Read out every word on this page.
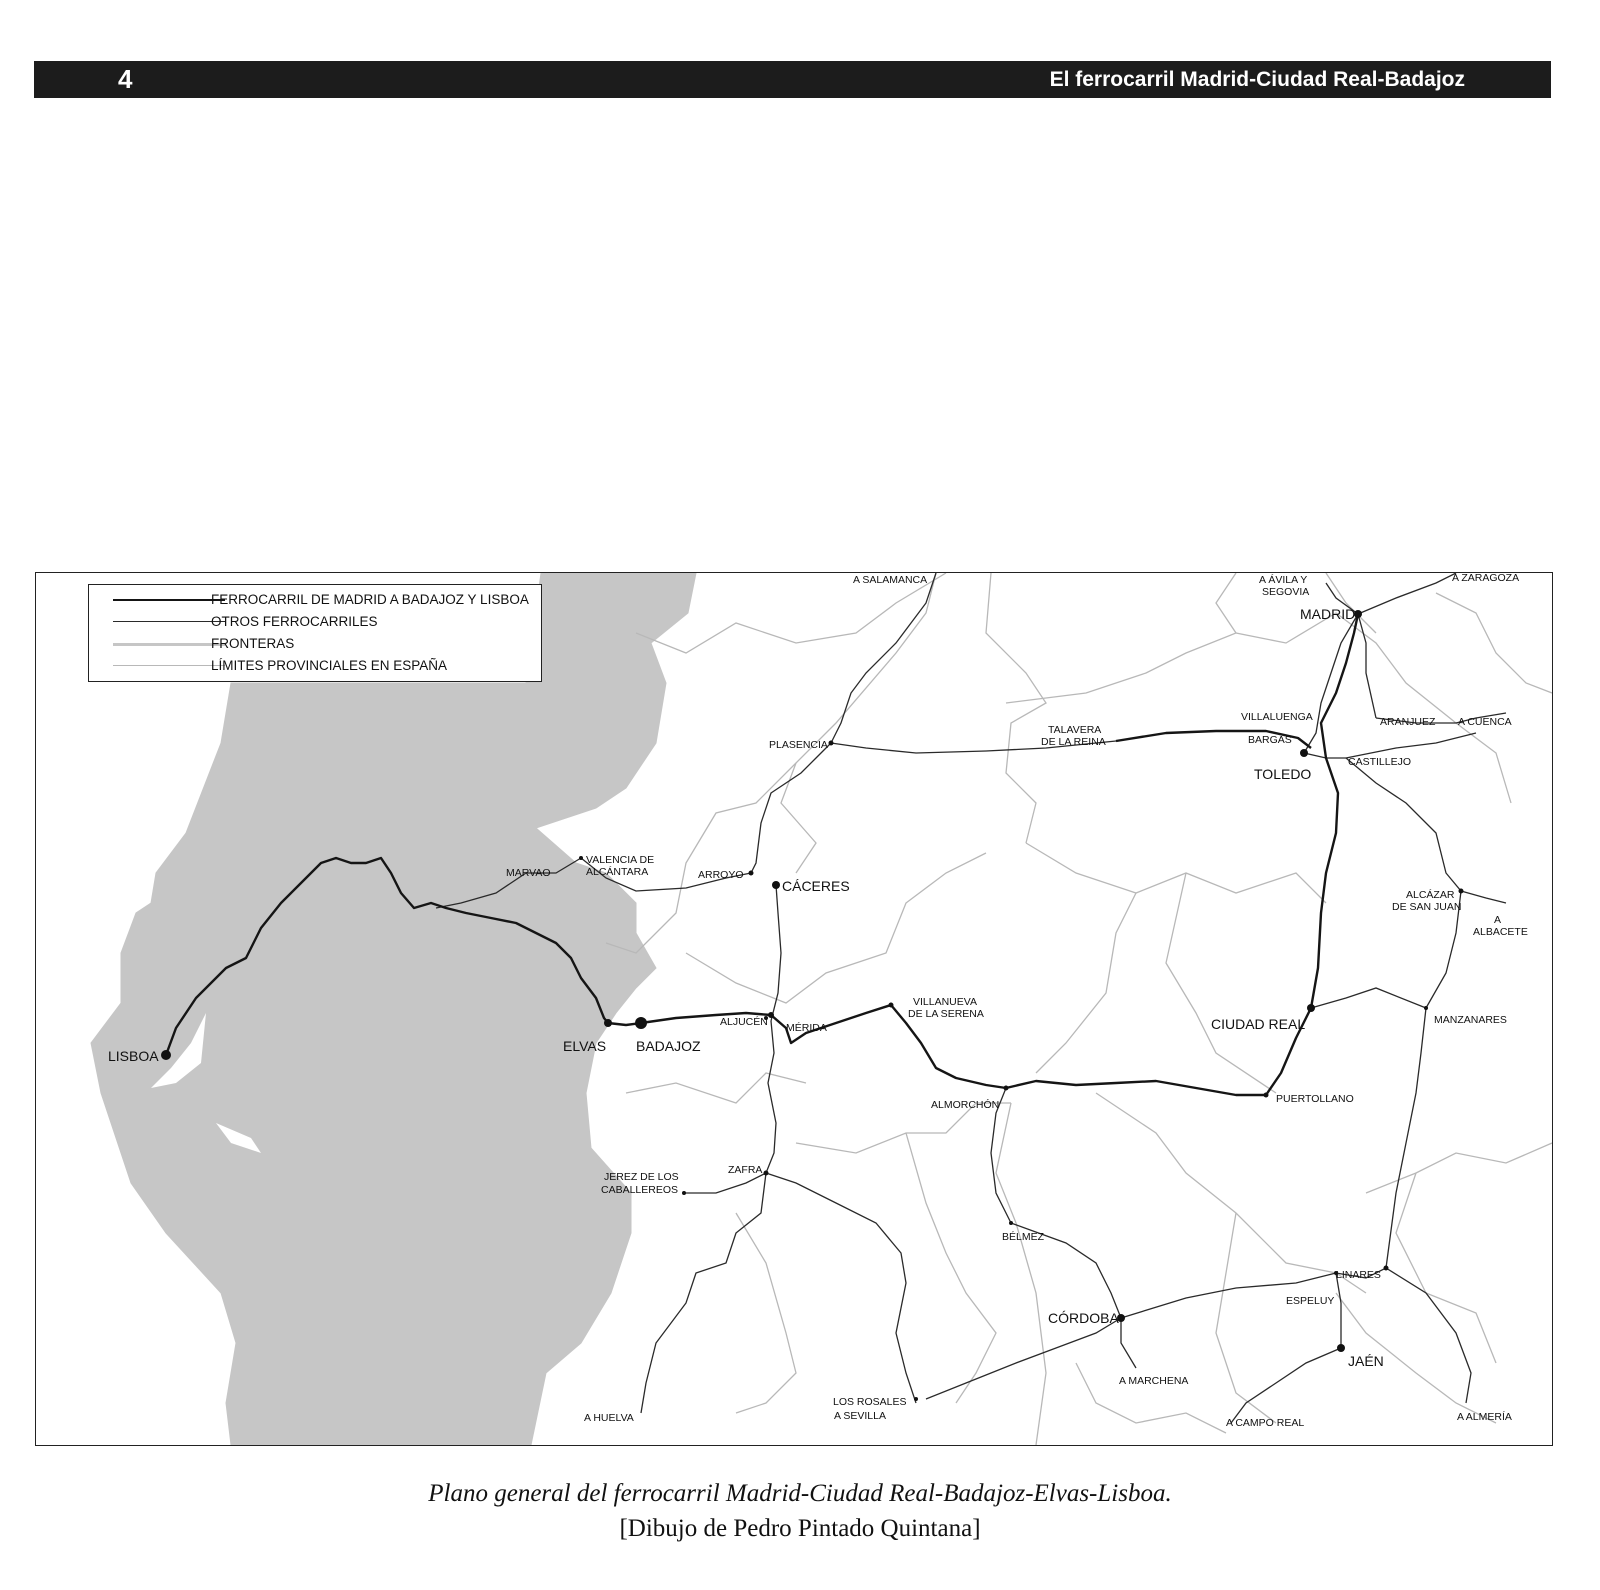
4	El ferrocarril Madrid-Ciudad Real-Badajoz
LISBOA
ELVAS BADAJOZ
CÁCERES
TOLEDO
MADRID
CIUDAD REAL
CÓRDOBA
JAÉN
MARVAO
VALENCIA DE
ALCÁNTARA	ARROYO
PLASENCIA
TALAVERA
DE LA REINA
VILLALUENGA
BARGAS
ARANJUEZ
CASTILLEJO
ALCÁZAR
DE SAN JUAN
MANZANARES
ALJUCÉN MÉRIDA
VILLANUEVA
DE LA SERENA
ALMORCHÓN	PUERTOLLANO
ZAFRA
JEREZ DE LOS
CABALLEREOS
BÉLMEZ
LINARES
ESPELUY
LOS ROSALES
A SALAMANCA	A ÁVILA Y
SEGOVIA
A ZARAGOZA
A CUENCA
A
ALBACETE
A HUELVA	A SEVILLA
A MARCHENA
A CAMPO REAL	A ALMERÍA
FERROCARRIL DE MADRID A BADAJOZ Y LISBOA
OTROS FERROCARRILES
FRONTERAS
LÍMITES PROVINCIALES EN ESPAÑA
Plano general del ferrocarril Madrid-Ciudad Real-Badajoz-Elvas-Lisboa.
[Dibujo de Pedro Pintado Quintana]
